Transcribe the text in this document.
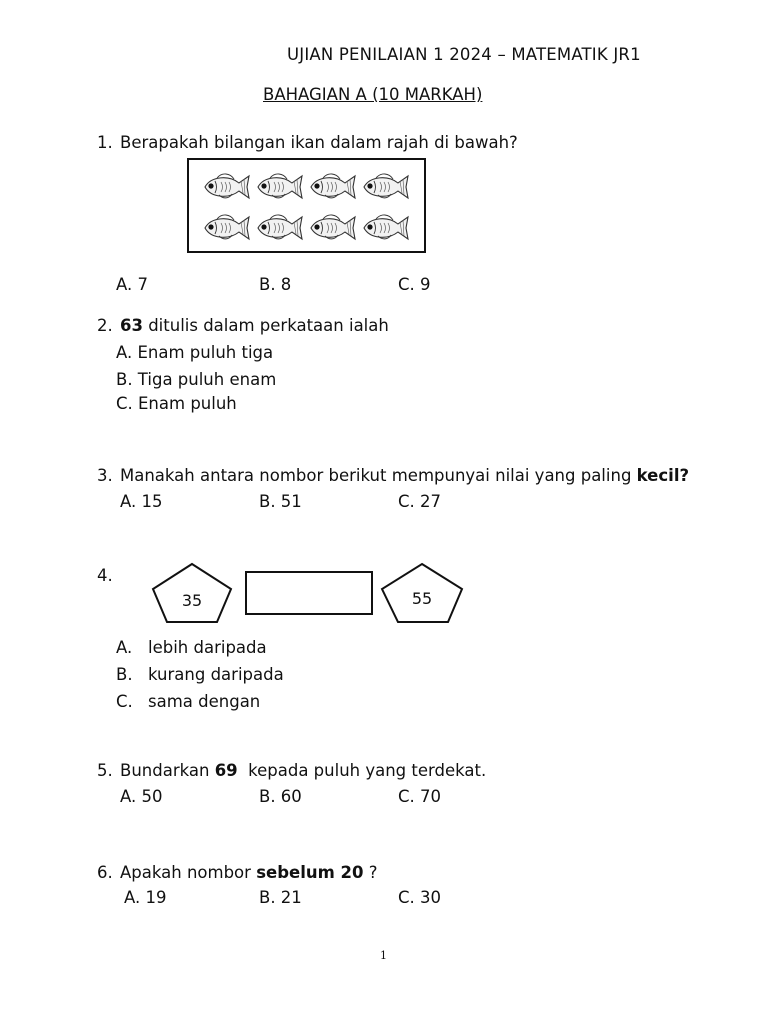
UJIAN PENILAIAN 1 2024 – MATEMATIK JR1
BAHAGIAN A (10 MARKAH)
1. Berapakah bilangan ikan dalam rajah di bawah?
A. 7	B. 8	C. 9
2. 63 ditulis dalam perkataan ialah
A. Enam puluh tiga
B. Tiga puluh enam
C. Enam puluh
3. Manakah antara nombor berikut mempunyai nilai yang paling kecil?
A. 15	B. 51	C. 27
4.
35	55
A. lebih daripada
B. kurang daripada
C. sama dengan
5. Bundarkan 69  kepada puluh yang terdekat.
A. 50	B. 60	C. 70
6. Apakah nombor sebelum 20 ?
A. 19	B. 21	C. 30
1
